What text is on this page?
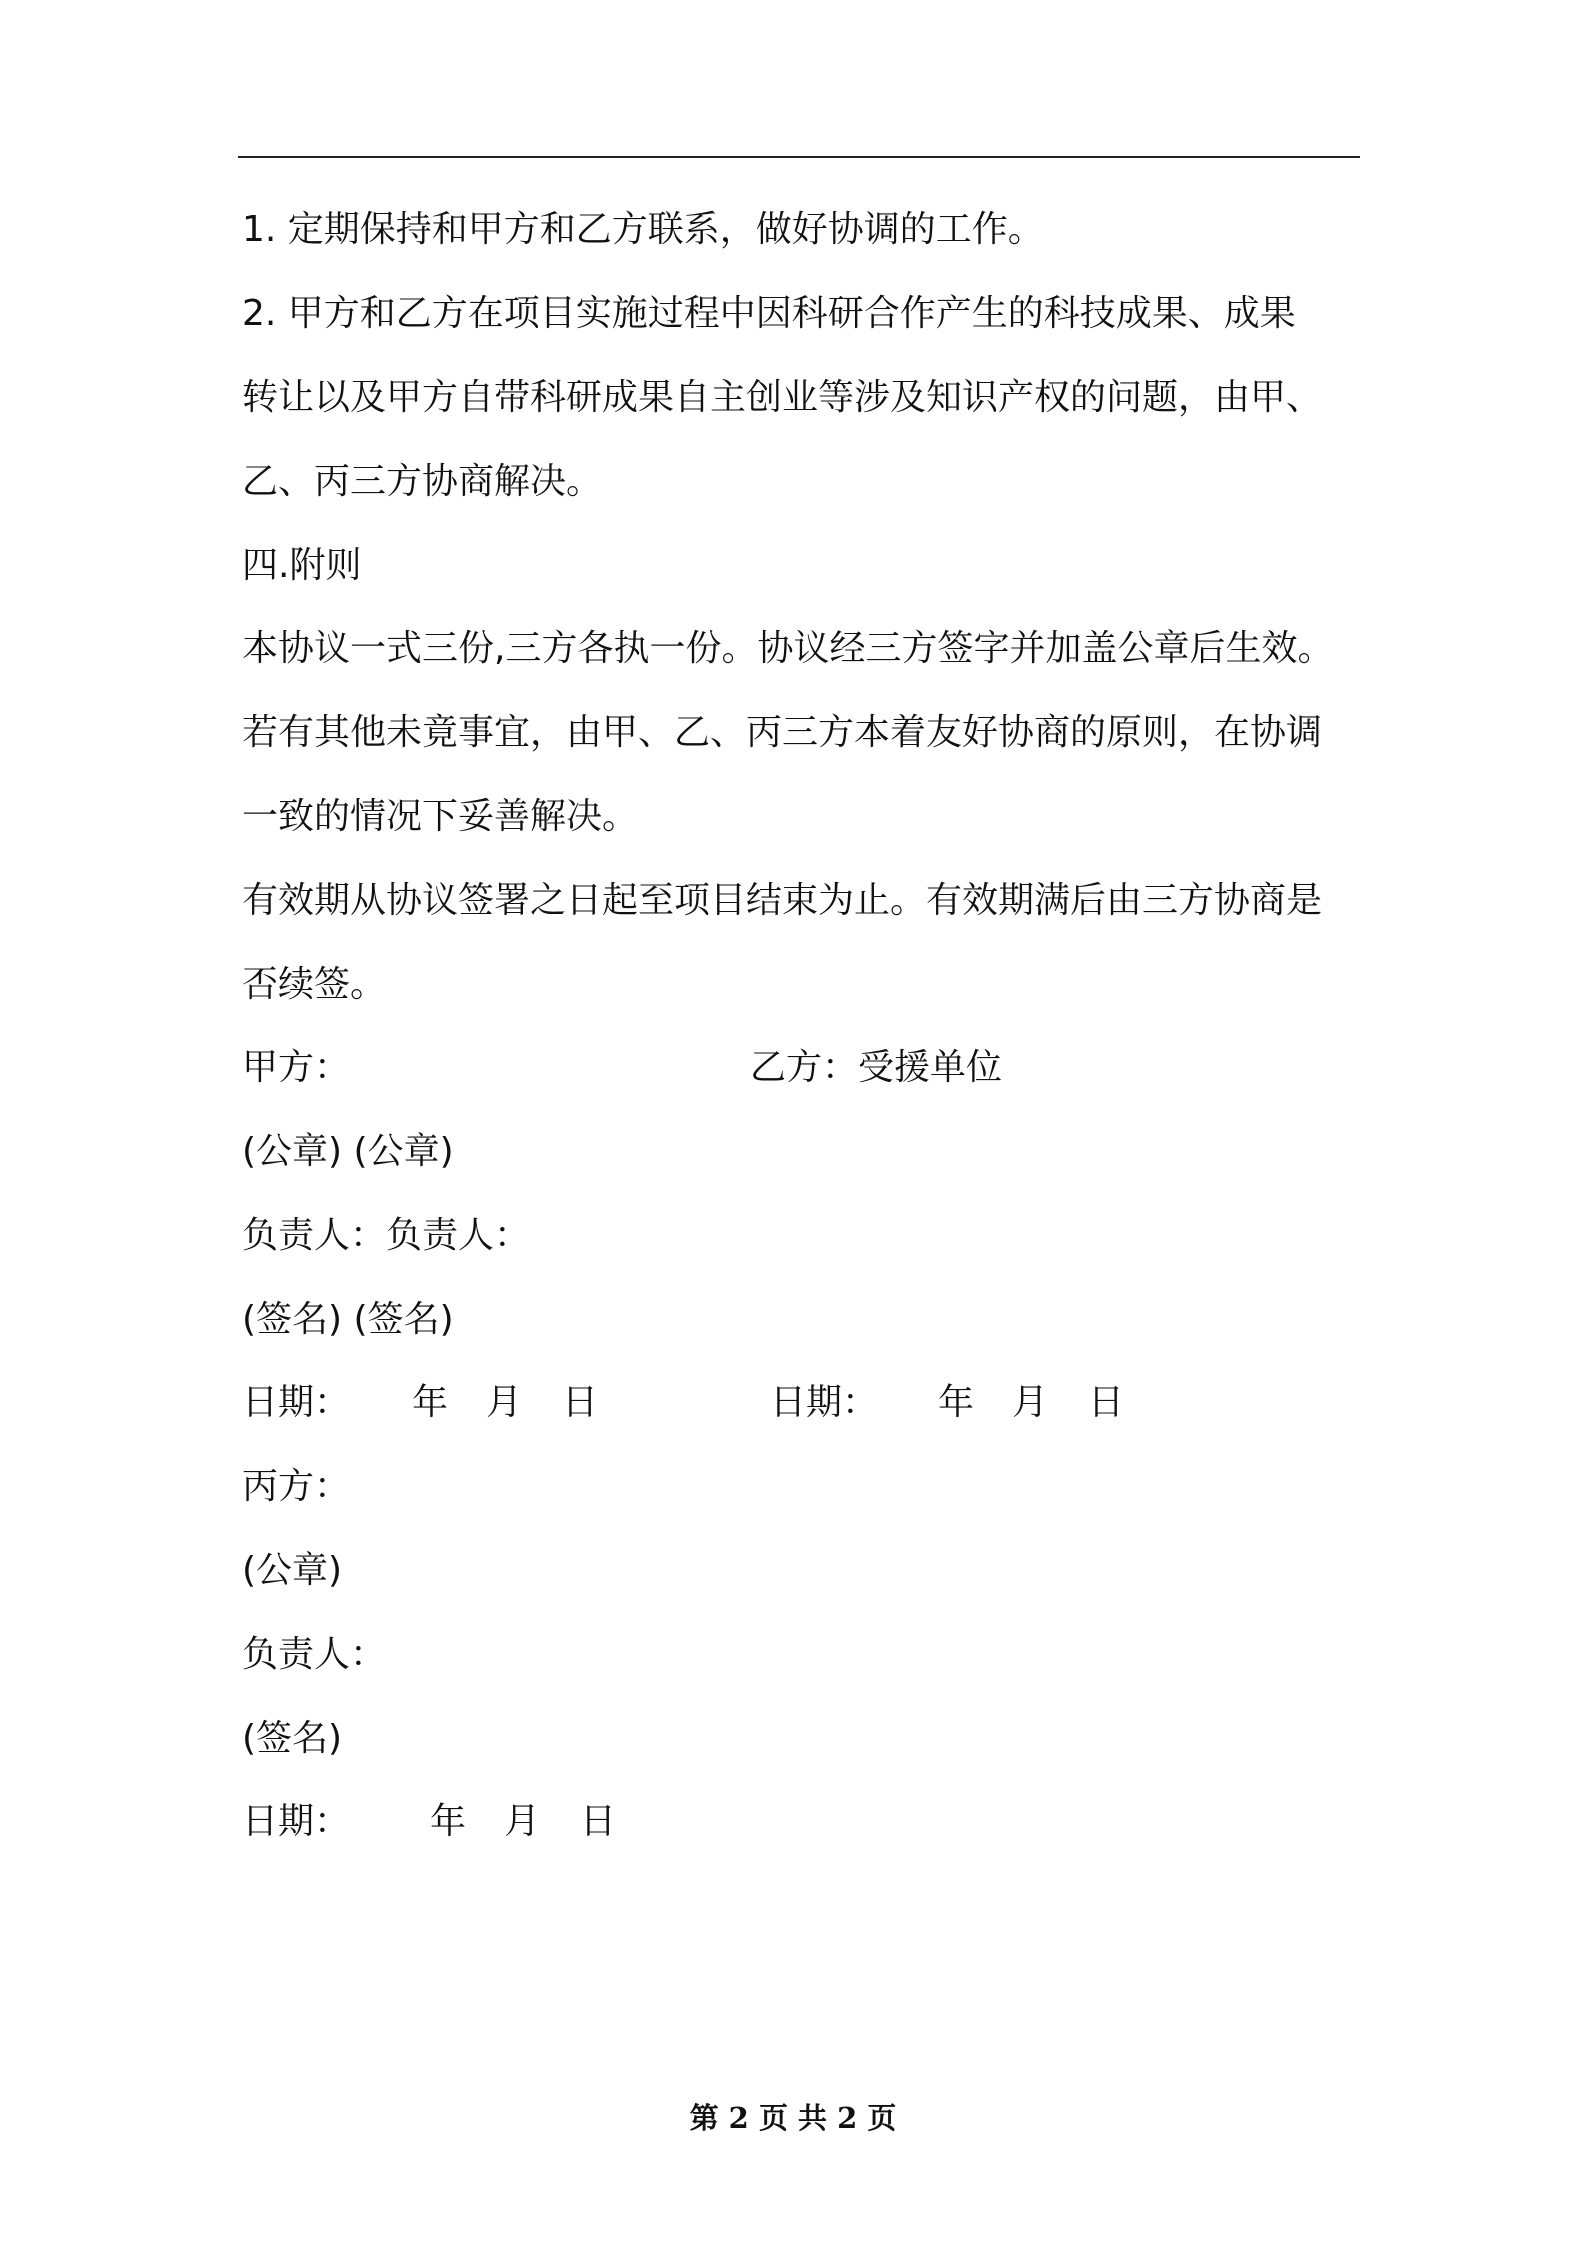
1. 定期保持和甲方和乙方联系，做好协调的工作。
2. 甲方和乙方在项目实施过程中因科研合作产生的科技成果、成果
转让以及甲方自带科研成果自主创业等涉及知识产权的问题，由甲、
乙、丙三方协商解决。
四.附则
本协议一式三份,三方各执一份。协议经三方签字并加盖公章后生效。
若有其他未竟事宜，由甲、乙、丙三方本着友好协商的原则，在协调
一致的情况下妥善解决。
有效期从协议签署之日起至项目结束为止。有效期满后由三方协商是
否续签。
甲方：	乙方：受援单位
(公章) (公章)
负责人：负责人：
(签名) (签名)
日期： 年 月 日	日期： 年 月 日
丙方：
(公章)
负责人：
(签名)
日期： 年 月 日
第 2 页 共 2 页
